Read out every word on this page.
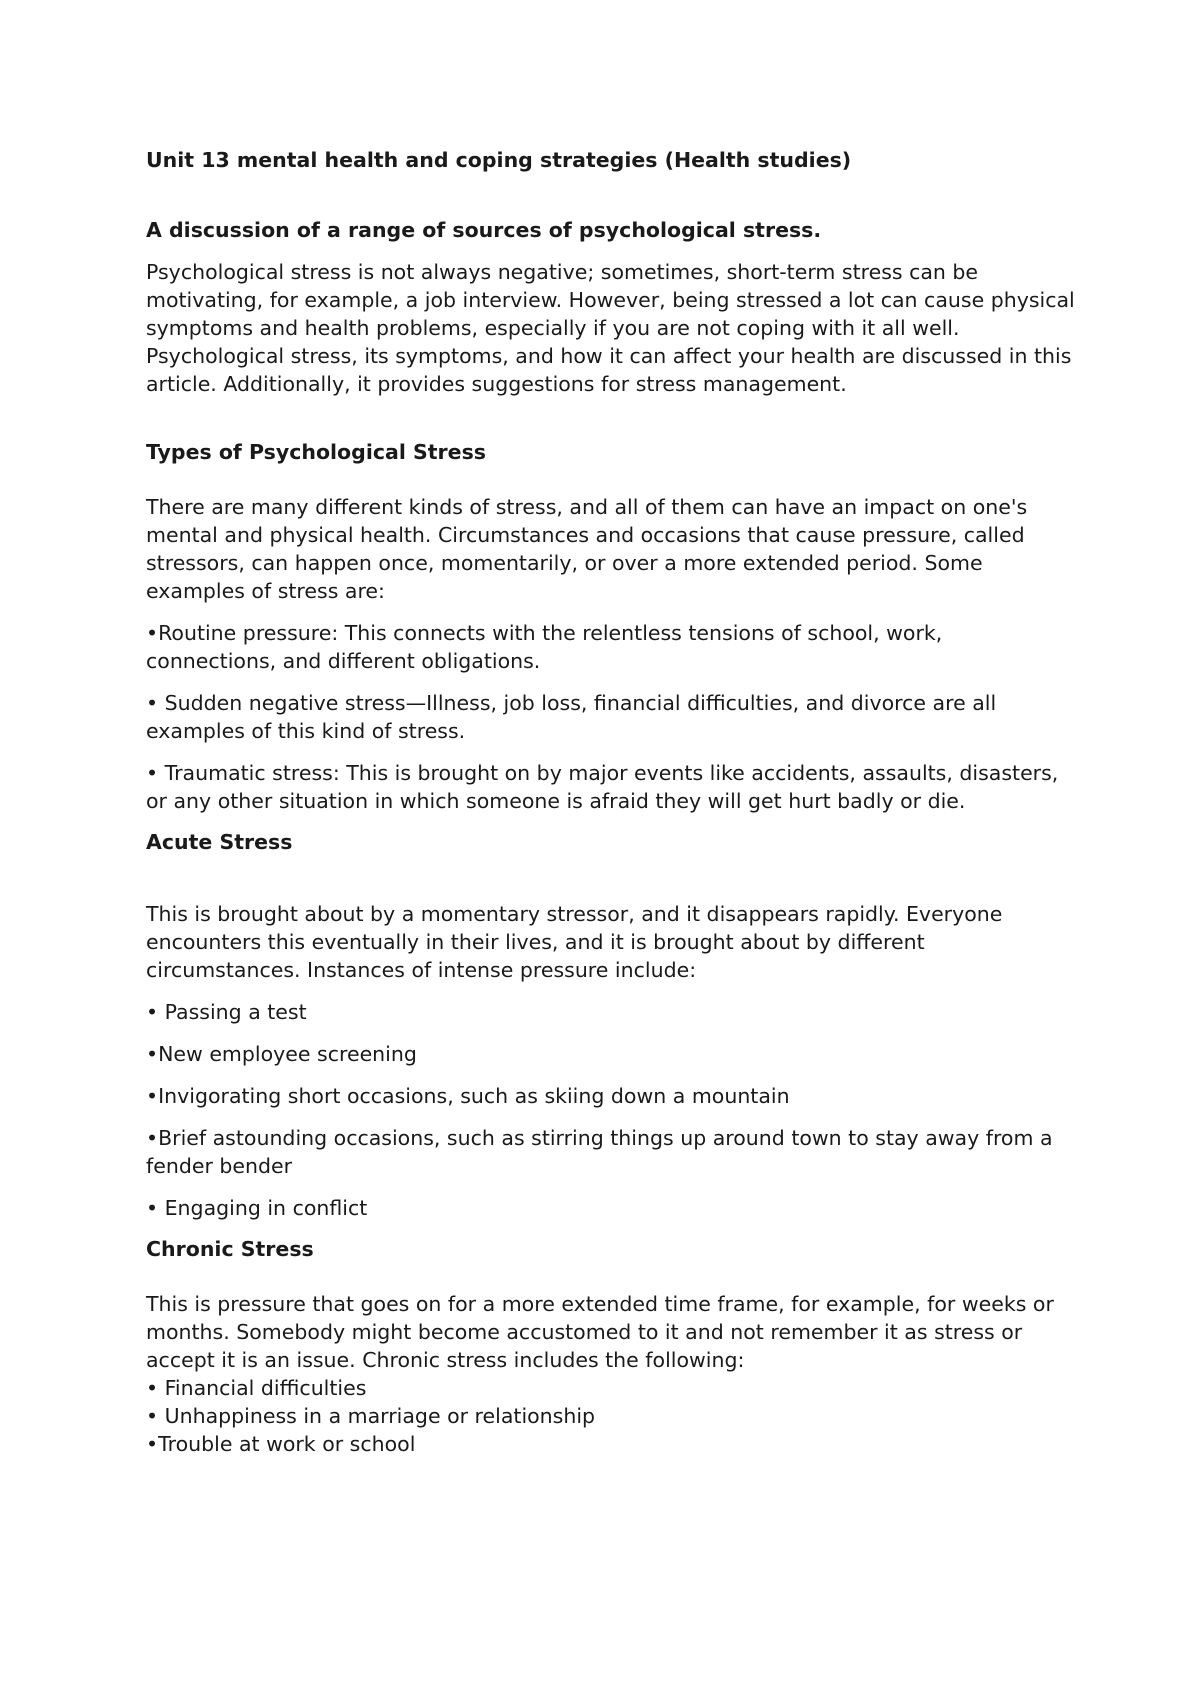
Unit 13 mental health and coping strategies (Health studies)
A discussion of a range of sources of psychological stress.

Psychological stress is not always negative; sometimes, short-term stress can be motivating, for example, a job interview. However, being stressed a lot can cause physical symptoms and health problems, especially if you are not coping with it all well. Psychological stress, its symptoms, and how it can affect your health are discussed in this article. Additionally, it provides suggestions for stress management.

Types of Psychological Stress

There are many different kinds of stress, and all of them can have an impact on one's mental and physical health. Circumstances and occasions that cause pressure, called stressors, can happen once, momentarily, or over a more extended period. Some examples of stress are:

•Routine pressure: This connects with the relentless tensions of school, work, connections, and different obligations.

• Sudden negative stress—Illness, job loss, financial difficulties, and divorce are all examples of this kind of stress.

• Traumatic stress: This is brought on by major events like accidents, assaults, disasters, or any other situation in which someone is afraid they will get hurt badly or die.

Acute Stress

This is brought about by a momentary stressor, and it disappears rapidly. Everyone encounters this eventually in their lives, and it is brought about by different circumstances. Instances of intense pressure include:

• Passing a test

•New employee screening

•Invigorating short occasions, such as skiing down a mountain

•Brief astounding occasions, such as stirring things up around town to stay away from a fender bender

• Engaging in conflict

Chronic Stress

This is pressure that goes on for a more extended time frame, for example, for weeks or months. Somebody might become accustomed to it and not remember it as stress or accept it is an issue. Chronic stress includes the following:

• Financial difficulties

• Unhappiness in a marriage or relationship

•Trouble at work or school
